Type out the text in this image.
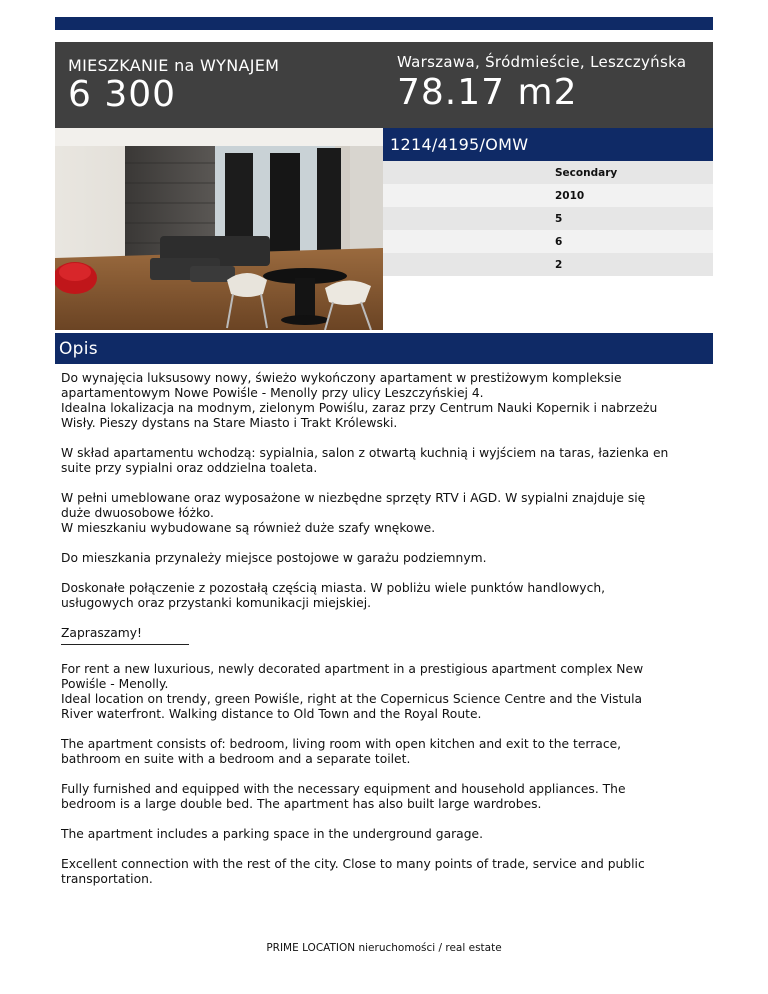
MIESZKANIE na WYNAJEM
6 300
Warszawa, Śródmieście, Leszczyńska
78.17 m2
1214/4195/OMW
Secondary
2010
5
6
2
Opis

Do wynajęcia luksusowy nowy, świeżo wykończony apartament w prestiżowym kompleksie
apartamentowym Nowe Powiśle - Menolly przy ulicy Leszczyńskiej 4.
Idealna lokalizacja na modnym, zielonym Powiślu, zaraz przy Centrum Nauki Kopernik i nabrzeżu
Wisły. Pieszy dystans na Stare Miasto i Trakt Królewski.

W skład apartamentu wchodzą: sypialnia, salon z otwartą kuchnią i wyjściem na taras, łazienka en
suite przy sypialni oraz oddzielna toaleta.

W pełni umeblowane oraz wyposażone w niezbędne sprzęty RTV i AGD. W sypialni znajduje się
duże dwuosobowe łóżko.
W mieszkaniu wybudowane są również duże szafy wnękowe.

Do mieszkania przynależy miejsce postojowe w garażu podziemnym.

Doskonałe połączenie z pozostałą częścią miasta. W pobliżu wiele punktów handlowych,
usługowych oraz przystanki komunikacji miejskiej.

Zapraszamy!

For rent a new luxurious, newly decorated apartment in a prestigious apartment complex New
Powiśle - Menolly.
Ideal location on trendy, green Powiśle, right at the Copernicus Science Centre and the Vistula
River waterfront. Walking distance to Old Town and the Royal Route.

The apartment consists of: bedroom, living room with open kitchen and exit to the terrace,
bathroom en suite with a bedroom and a separate toilet.

Fully furnished and equipped with the necessary equipment and household appliances. The
bedroom is a large double bed. The apartment has also built large wardrobes.

The apartment includes a parking space in the underground garage.

Excellent connection with the rest of the city. Close to many points of trade, service and public
transportation.

PRIME LOCATION nieruchomości / real estate
